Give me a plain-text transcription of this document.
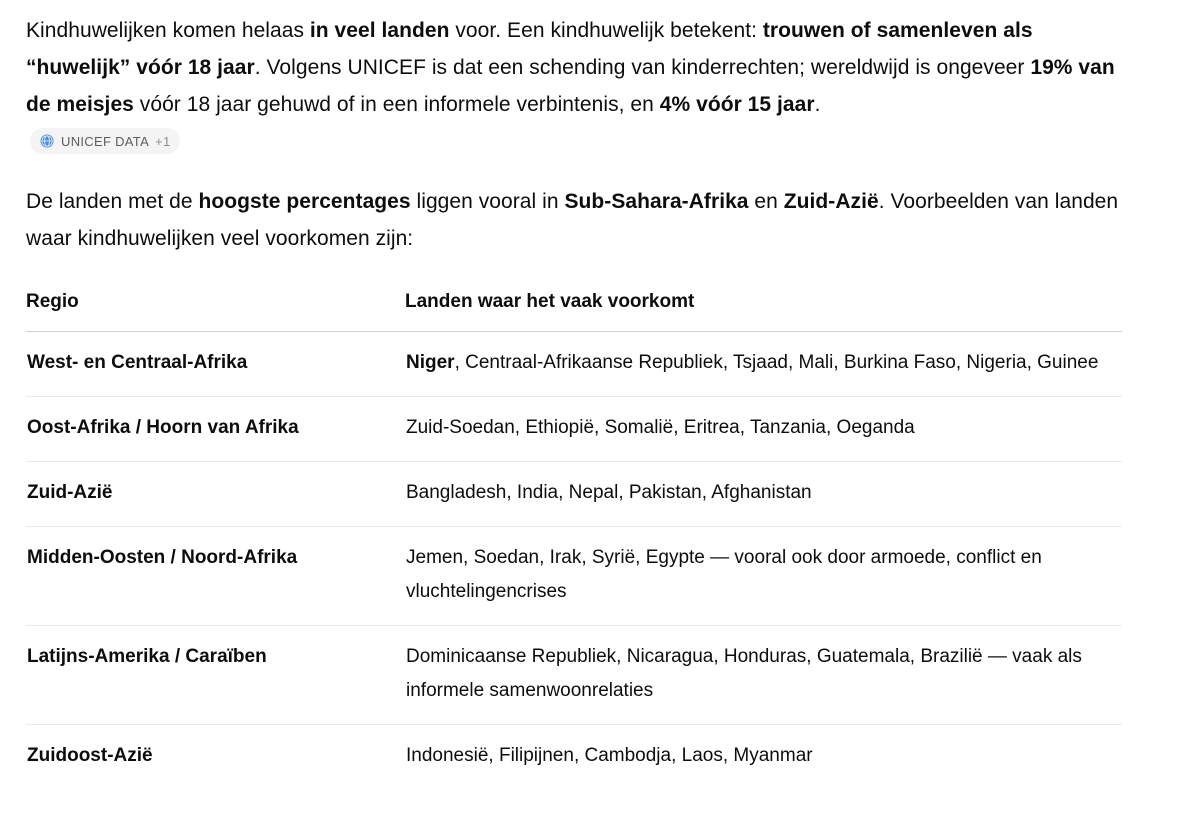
Kindhuwelijken komen helaas in veel landen voor. Een kindhuwelijk betekent: trouwen of samenleven als “huwelijk” vóór 18 jaar. Volgens UNICEF is dat een schending van kinderrechten; wereldwijd is ongeveer 19% van de meisjes vóór 18 jaar gehuwd of in een informele verbintenis, en 4% vóór 15 jaar.

UNICEF DATA +1

De landen met de hoogste percentages liggen vooral in Sub-Sahara-Afrika en Zuid-Azië. Voorbeelden van landen waar kindhuwelijken veel voorkomen zijn:

Regio	Landen waar het vaak voorkomt
West- en Centraal-Afrika	Niger, Centraal-Afrikaanse Republiek, Tsjaad, Mali, Burkina Faso, Nigeria, Guinee
Oost-Afrika / Hoorn van Afrika	Zuid-Soedan, Ethiopië, Somalië, Eritrea, Tanzania, Oeganda
Zuid-Azië	Bangladesh, India, Nepal, Pakistan, Afghanistan
Midden-Oosten / Noord-Afrika	Jemen, Soedan, Irak, Syrië, Egypte — vooral ook door armoede, conflict en vluchtelingencrises
Latijns-Amerika / Caraïben	Dominicaanse Republiek, Nicaragua, Honduras, Guatemala, Brazilië — vaak als informele samenwoonrelaties
Zuidoost-Azië	Indonesië, Filipijnen, Cambodja, Laos, Myanmar
